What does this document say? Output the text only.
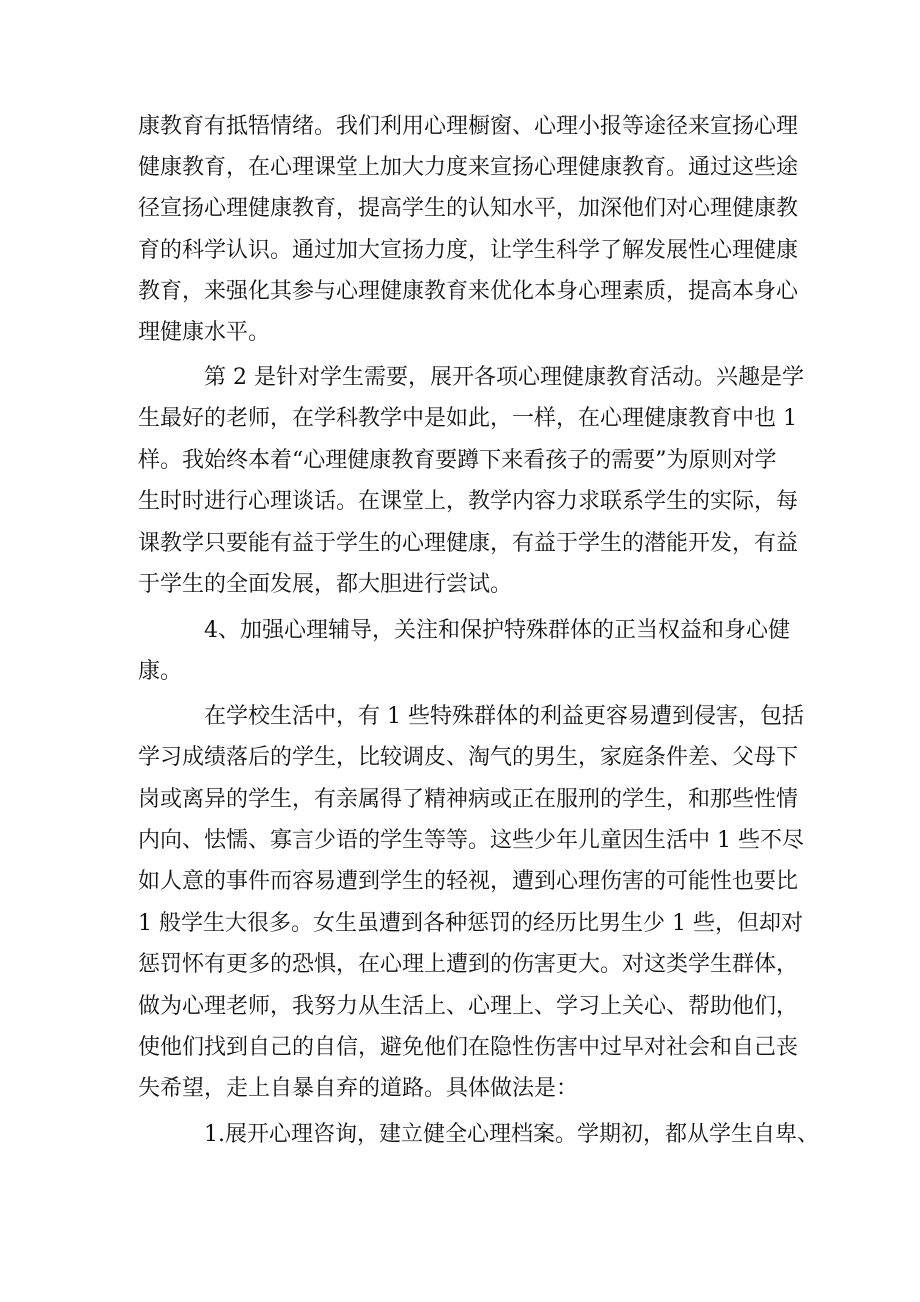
康教育有抵牾情绪。我们利用心理橱窗、心理小报等途径来宣扬心理

健康教育，在心理课堂上加大力度来宣扬心理健康教育。通过这些途

径宣扬心理健康教育，提高学生的认知水平，加深他们对心理健康教

育的科学认识。通过加大宣扬力度，让学生科学了解发展性心理健康

教育，来强化其参与心理健康教育来优化本身心理素质，提高本身心

理健康水平。

第 2 是针对学生需要，展开各项心理健康教育活动。兴趣是学

生最好的老师，在学科教学中是如此，一样，在心理健康教育中也 1

样。我始终本着“心理健康教育要蹲下来看孩子的需要”为原则对学

生时时进行心理谈话。在课堂上，教学内容力求联系学生的实际，每

课教学只要能有益于学生的心理健康，有益于学生的潜能开发，有益

于学生的全面发展，都大胆进行尝试。

4、加强心理辅导，关注和保护特殊群体的正当权益和身心健

康。

在学校生活中，有 1 些特殊群体的利益更容易遭到侵害，包括

学习成绩落后的学生，比较调皮、淘气的男生，家庭条件差、父母下

岗或离异的学生，有亲属得了精神病或正在服刑的学生，和那些性情

内向、怯懦、寡言少语的学生等等。这些少年儿童因生活中 1 些不尽

如人意的事件而容易遭到学生的轻视，遭到心理伤害的可能性也要比

1 般学生大很多。女生虽遭到各种惩罚的经历比男生少 1 些，但却对

惩罚怀有更多的恐惧，在心理上遭到的伤害更大。对这类学生群体，

做为心理老师，我努力从生活上、心理上、学习上关心、帮助他们，

使他们找到自己的自信，避免他们在隐性伤害中过早对社会和自己丧

失希望，走上自暴自弃的道路。具体做法是：

1.展开心理咨询，建立健全心理档案。学期初，都从学生自卑、
